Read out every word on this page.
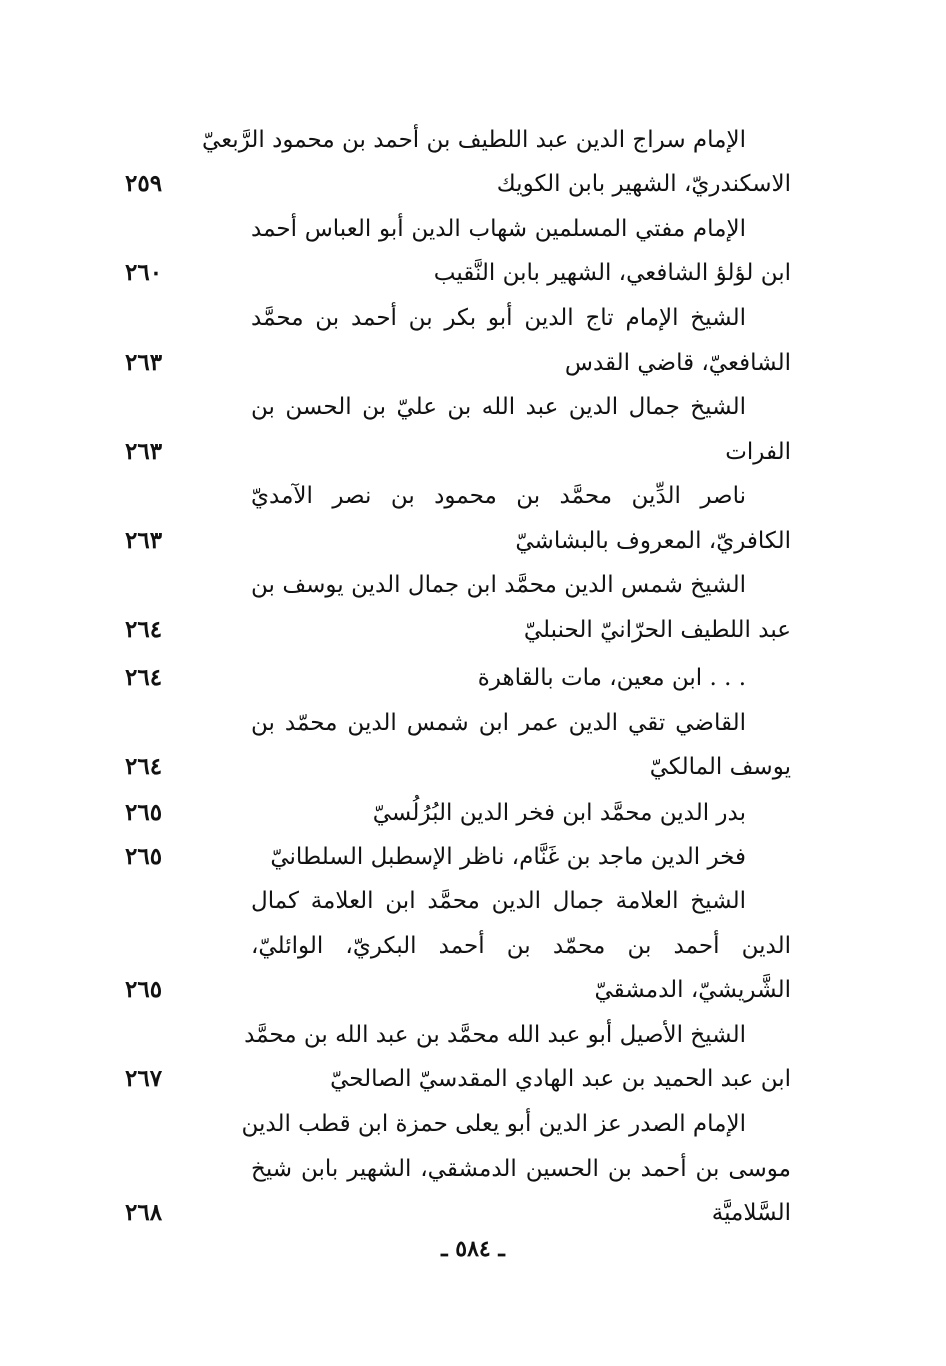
الإمام سراج الدين عبد اللطيف بن أحمد بن محمود الرَّبعيّ
الاسكندريّ، الشهير بابن الكويك
٢٥٩
الإمام مفتي المسلمين شهاب الدين أبو العباس أحمد
ابن لؤلؤ الشافعي، الشهير بابن النَّقيب
٢٦٠
الشيخ الإمام تاج الدين أبو بكر بن أحمد بن محمَّد
الشافعيّ، قاضي القدس
٢٦٣
الشيخ جمال الدين عبد الله بن عليّ بن الحسن بن
الفرات
٢٦٣
ناصر الدِّين محمَّد بن محمود بن نصر الآمديّ
الكافريّ، المعروف بالبشاشيّ
٢٦٣
الشيخ شمس الدين محمَّد ابن جمال الدين يوسف بن
عبد اللطيف الحرّانيّ الحنبليّ
٢٦٤
. . . ابن معين، مات بالقاهرة
٢٦٤
القاضي تقي الدين عمر ابن شمس الدين محمّد بن
يوسف المالكيّ
٢٦٤
بدر الدين محمَّد ابن فخر الدين البُرُلُسيّ
٢٦٥
فخر الدين ماجد بن غَنَّام، ناظر الإسطبل السلطانيّ
٢٦٥
الشيخ العلامة جمال الدين محمَّد ابن العلامة كمال
الدين أحمد بن محمّد بن أحمد البكريّ، الوائليّ،
الشَّريشيّ، الدمشقيّ
٢٦٥
الشيخ الأصيل أبو عبد الله محمَّد بن عبد الله بن محمَّد
ابن عبد الحميد بن عبد الهادي المقدسيّ الصالحيّ
٢٦٧
الإمام الصدر عز الدين أبو يعلى حمزة ابن قطب الدين
موسى بن أحمد بن الحسين الدمشقي، الشهير بابن شيخ
السَّلاميَّة
٢٦٨
ـ ٥٨٤ ـ
